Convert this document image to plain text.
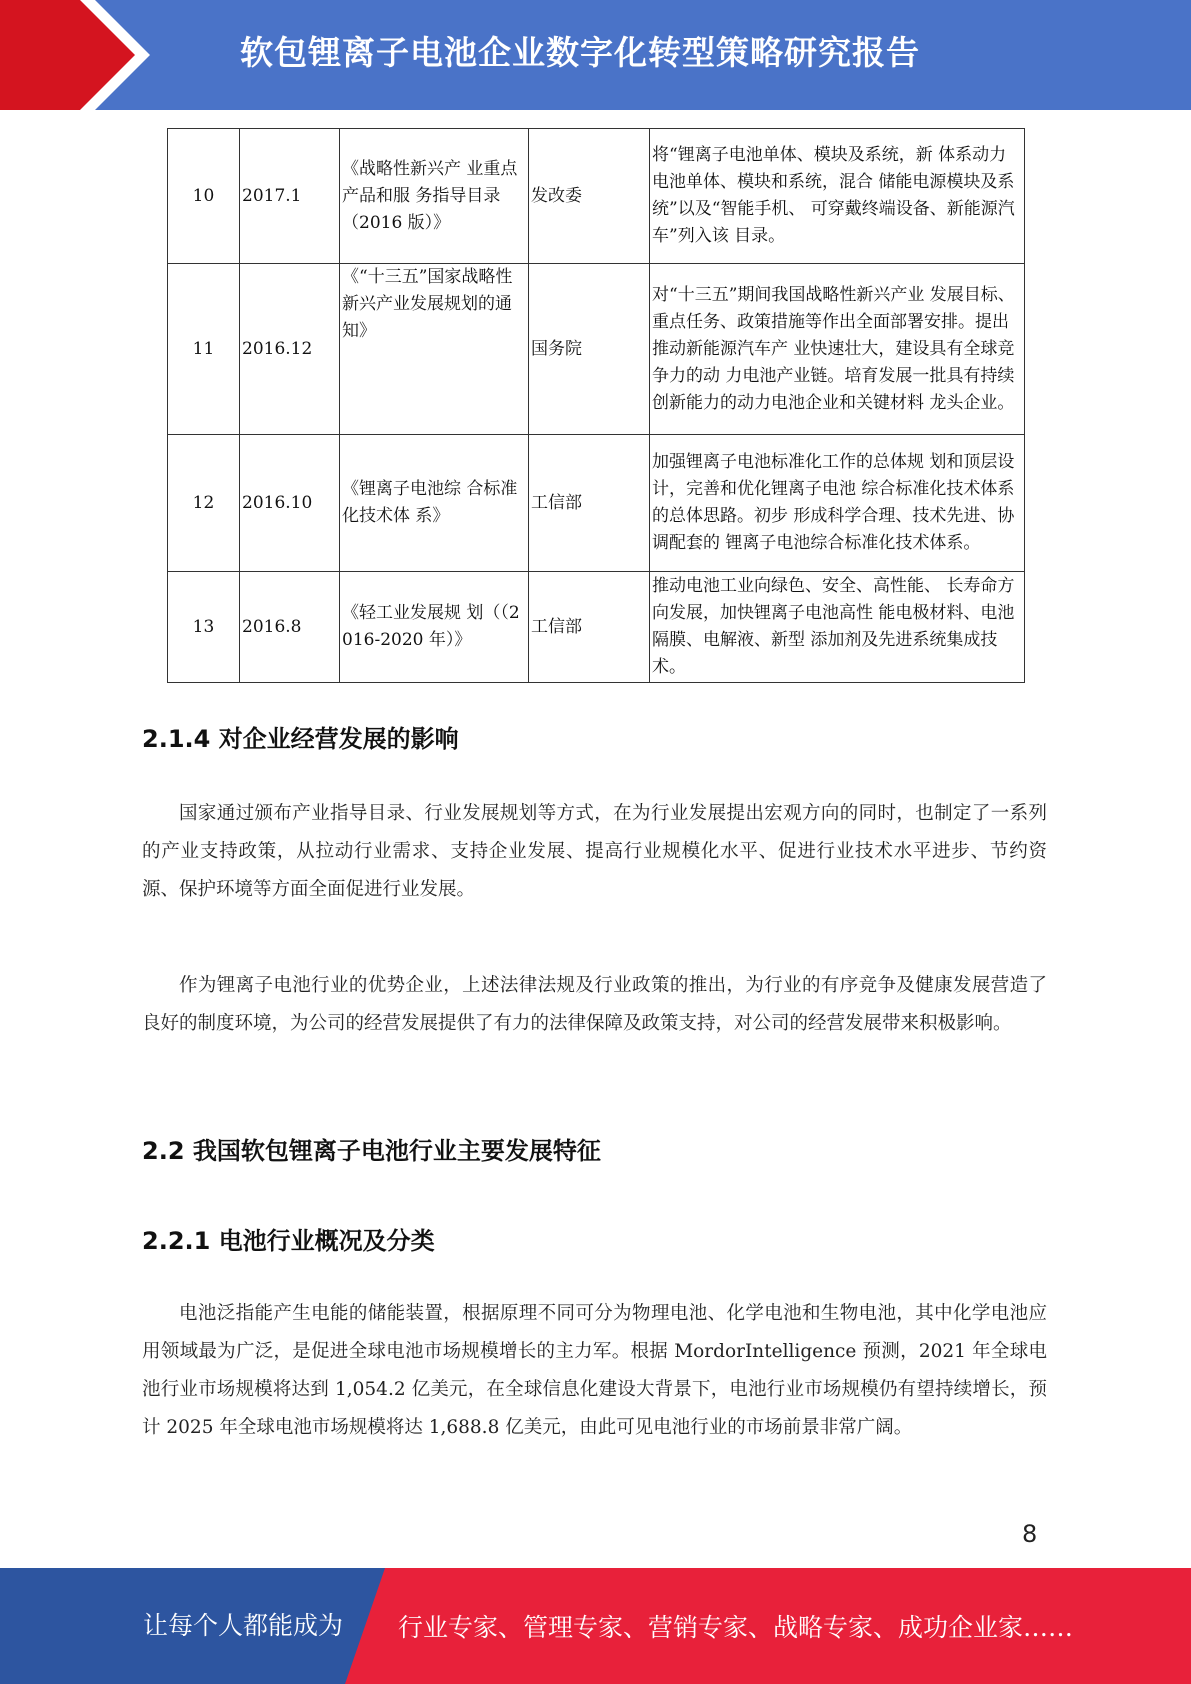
软包锂离子电池企业数字化转型策略研究报告
10	2017.1	《战略性新兴产 业重点产品和服 务指导目录（2016 版）》	发改委	将“锂离子电池单体、模块及系统，新 体系动力电池单体、模块和系统，混合 储能电源模块及系统”以及“智能手机、 可穿戴终端设备、新能源汽车”列入该 目录。
11	2016.12	《“十三五”国家战略性新兴产业发展规划的通知》	国务院	对“十三五”期间我国战略性新兴产业 发展目标、重点任务、政策措施等作出全面部署安排。提出推动新能源汽车产 业快速壮大，建设具有全球竞争力的动 力电池产业链。培育发展一批具有持续 创新能力的动力电池企业和关键材料 龙头企业。
12	2016.10	《锂离子电池综 合标准化技术体 系》	工信部	加强锂离子电池标准化工作的总体规 划和顶层设计，完善和优化锂离子电池 综合标准化技术体系的总体思路。初步 形成科学合理、技术先进、协调配套的 锂离子电池综合标准化技术体系。
13	2016.8	《轻工业发展规 划（（2016-2020 年）》	工信部	推动电池工业向绿色、安全、高性能、 长寿命方向发展，加快锂离子电池高性 能电极材料、电池隔膜、电解液、新型 添加剂及先进系统集成技术。
2.1.4 对企业经营发展的影响
国家通过颁布产业指导目录、行业发展规划等方式，在为行业发展提出宏观方向的同时，也制定了一系列的产业支持政策，从拉动行业需求、支持企业发展、提高行业规模化水平、促进行业技术水平进步、节约资源、保护环境等方面全面促进行业发展。
作为锂离子电池行业的优势企业，上述法律法规及行业政策的推出，为行业的有序竞争及健康发展营造了良好的制度环境，为公司的经营发展提供了有力的法律保障及政策支持，对公司的经营发展带来积极影响。
2.2 我国软包锂离子电池行业主要发展特征
2.2.1 电池行业概况及分类
电池泛指能产生电能的储能装置，根据原理不同可分为物理电池、化学电池和生物电池，其中化学电池应用领域最为广泛，是促进全球电池市场规模增长的主力军。根据 MordorIntelligence 预测，2021 年全球电池行业市场规模将达到 1,054.2 亿美元，在全球信息化建设大背景下，电池行业市场规模仍有望持续增长，预计 2025 年全球电池市场规模将达 1,688.8 亿美元，由此可见电池行业的市场前景非常广阔。
8
让每个人都能成为 行业专家、管理专家、营销专家、战略专家、成功企业家……
